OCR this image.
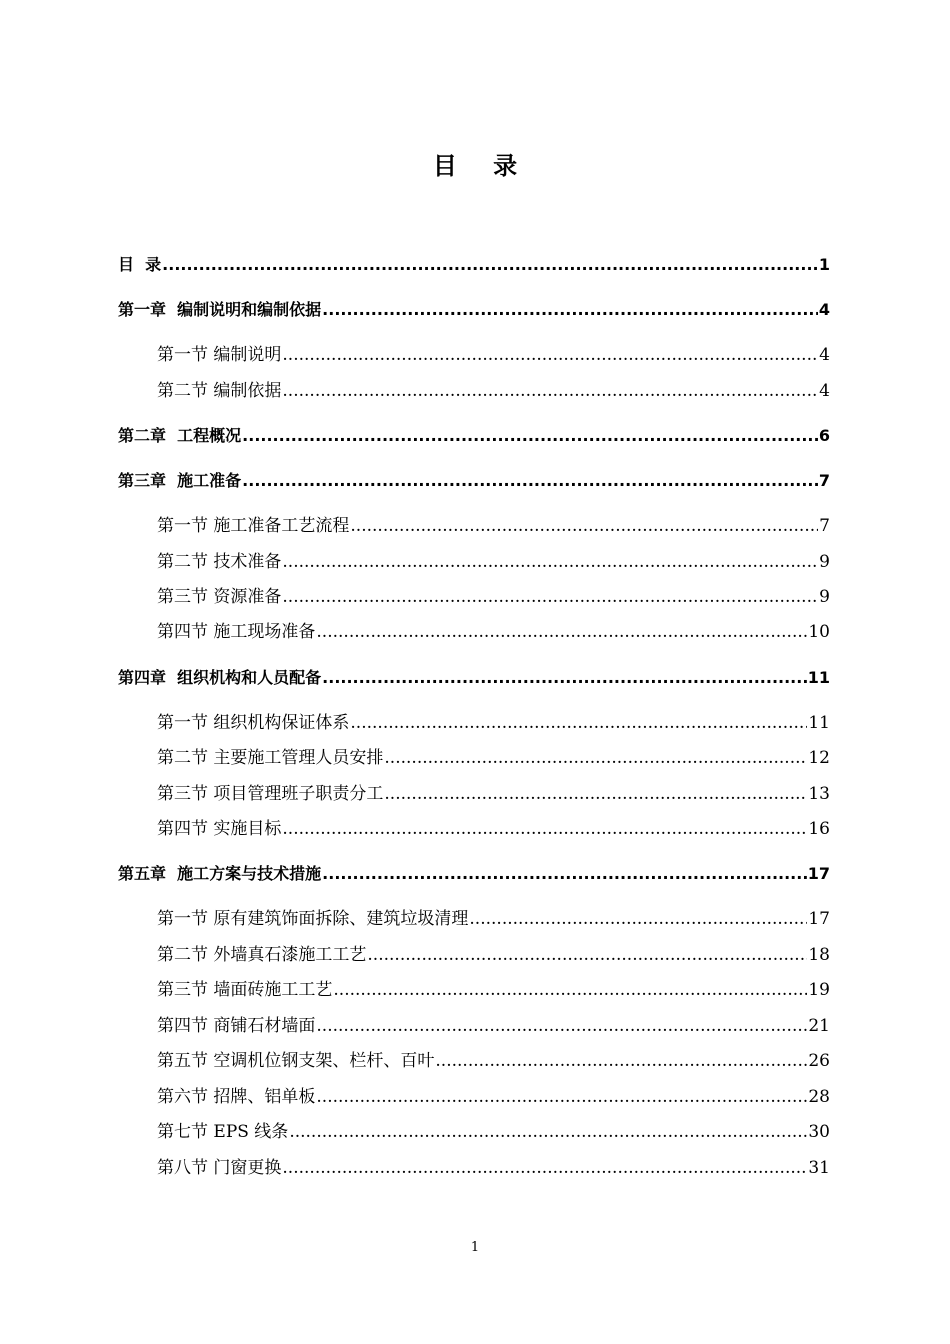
目 录
目  录 .....	1
第一章  编制说明和编制依据 .....	4
第一节 编制说明 .....	4
第二节 编制依据 .....	4
第二章  工程概况 .....	6
第三章  施工准备 .....	7
第一节 施工准备工艺流程 .....	7
第二节 技术准备 .....	9
第三节 资源准备 .....	9
第四节 施工现场准备 .....	10
第四章  组织机构和人员配备 .....	11
第一节 组织机构保证体系 .....	11
第二节 主要施工管理人员安排 .....	12
第三节 项目管理班子职责分工 .....	13
第四节 实施目标 .....	16
第五章  施工方案与技术措施 .....	17
第一节 原有建筑饰面拆除、建筑垃圾清理 .....	17
第二节 外墙真石漆施工工艺 .....	18
第三节 墙面砖施工工艺 .....	19
第四节 商铺石材墙面 .....	21
第五节 空调机位钢支架、栏杆、百叶 .....	26
第六节 招牌、铝单板 .....	28
第七节 EPS 线条 .....	30
第八节 门窗更换 .....	31
1
